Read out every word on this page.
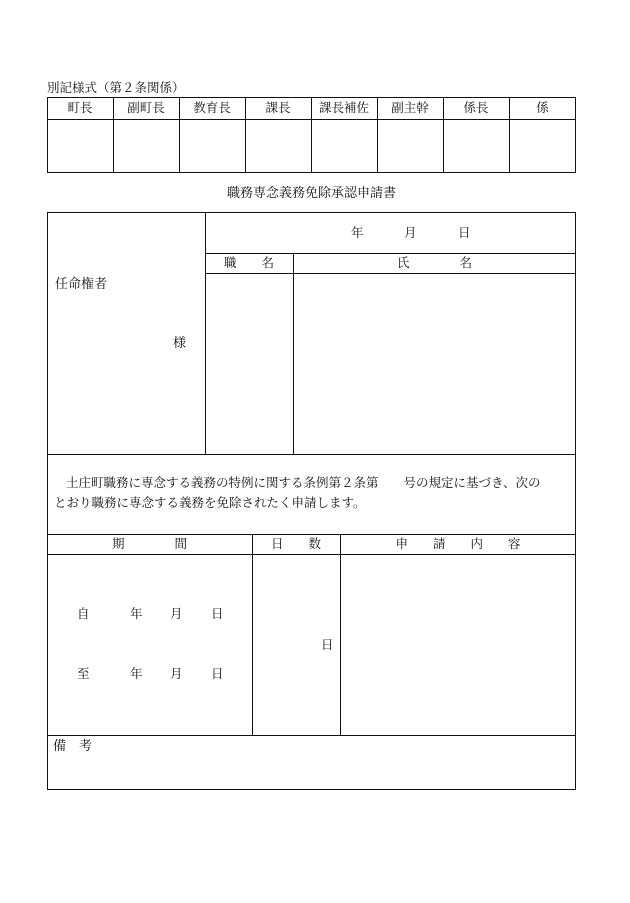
別記様式（第２条関係）
町長	副町長	教育長	課長	課長補佐	副主幹	係長	係
職務専念義務免除承認申請書
任命権者
様
年	月	日
職　　名	氏　　　　名
土庄町職務に専念する義務の特例に関する条例第２条第　　号の規定に基づき、次の
とおり職務に専念する義務を免除されたく申請します。
期　　　　間	日　　数	申　　請　　内　　容
自	年 月 日
至	年 月 日
日
備　考
